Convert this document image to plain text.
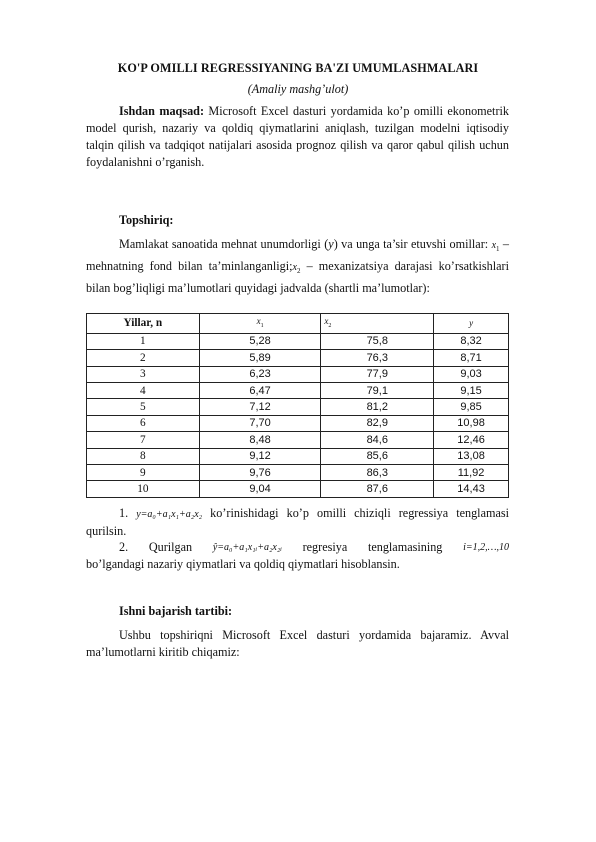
KO'P OMILLI REGRESSIYANING BA'ZI UMUMLASHMALARI
(Amaliy mashg’ulot)
Ishdan maqsad: Microsoft Excel dasturi yordamida ko’p omilli ekonometrik model qurish, nazariy va qoldiq qiymatlarini aniqlash, tuzilgan modelni iqtisodiy talqin qilish va tadqiqot natijalari asosida prognoz qilish va qaror qabul qilish uchun foydalanishni o’rganish.
Topshiriq:
Mamlakat sanoatida mehnat unumdorligi (y) va unga ta’sir etuvshi omillar: $x_1$ – mehnatning fond bilan $ta’minlanganligi;x_2$ – mexanizatsiya darajasi ko’rsatkishlari bilan bog’liqligi ma’lumotlari quyidagi jadvalda (shartli ma’lumotlar):
Yillar, n	$x_1$	$x_2$	y
1	5,28	75,8	8,32
2	5,89	76,3	8,71
3	6,23	77,9	9,03
4	6,47	79,1	9,15
5	7,12	81,2	9,85
6	7,70	82,9	10,98
7	8,48	84,6	12,46
8	9,12	85,6	13,08
9	9,76	86,3	11,92
10	9,04	87,6	14,43
1. y=a₀+a₁x₁+a₂x₂ ko’rinishidagi ko’p omilli chiziqli regressiya tenglamasi qurilsin.
2. Qurilgan ŷ=a₀+a₁x₁ᵢ+a₂x₂ᵢ regresiya tenglamasining i=1,2,…,10
bo’lgandagi nazariy qiymatlari va qoldiq qiymatlari hisoblansin.
Ishni bajarish tartibi:
Ushbu topshiriqni Microsoft Excel dasturi yordamida bajaramiz. Avval ma’lumotlarni kiritib chiqamiz:
